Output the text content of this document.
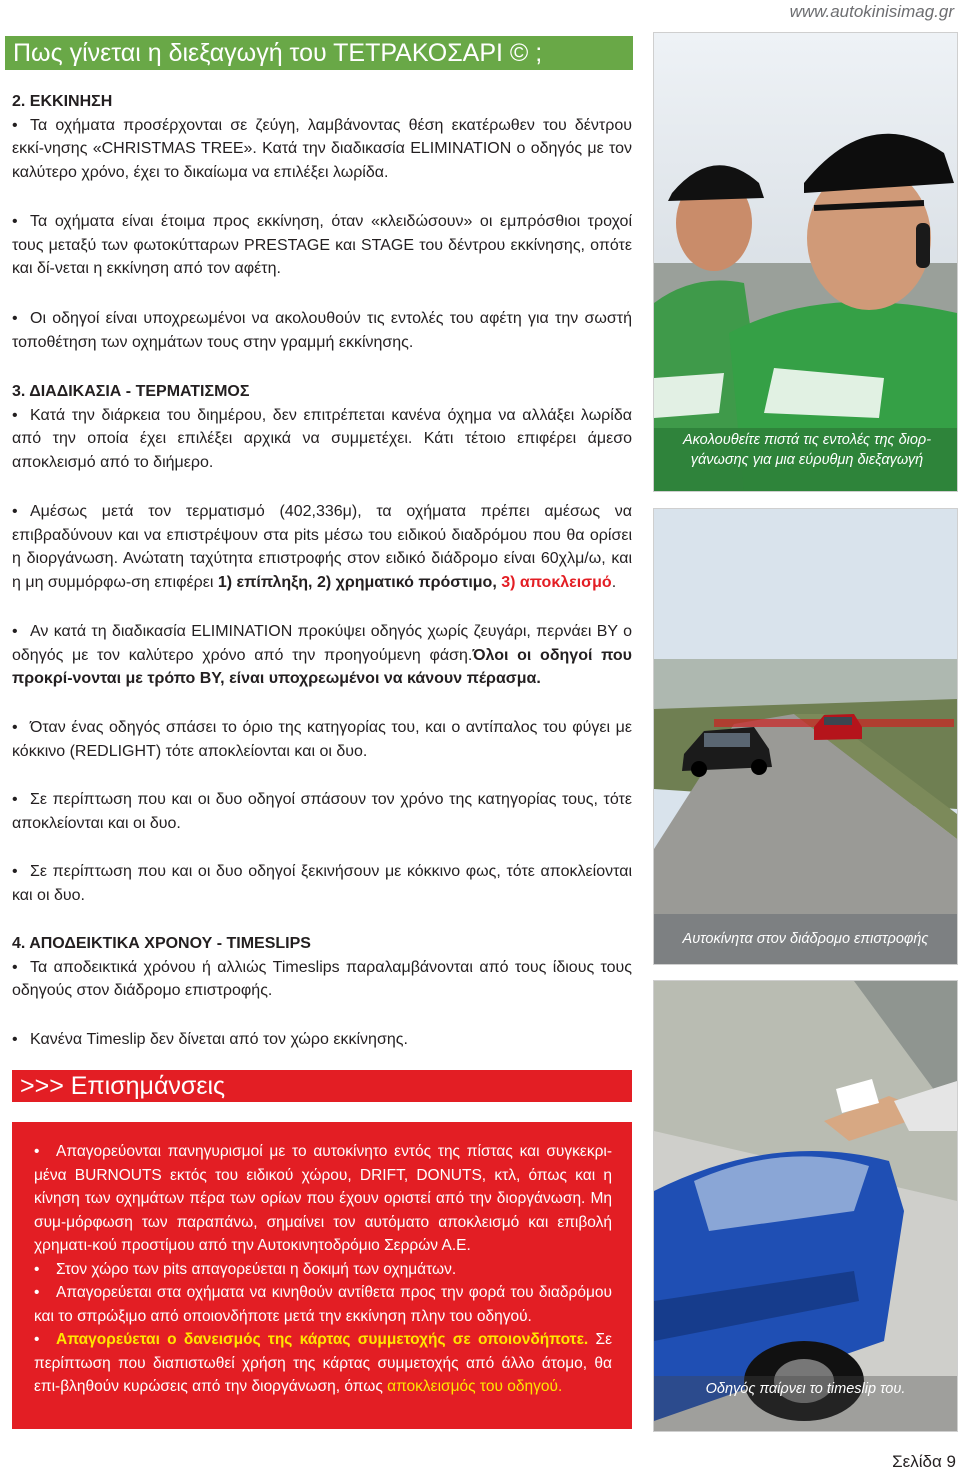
www.autokinisimag.gr
Πως γίνεται η διεξαγωγή του ΤΕΤΡΑΚΟΣΑΡΙ © ;
2. ΕΚΚΙΝΗΣΗ
• Τα οχήματα προσέρχονται σε ζεύγη, λαμβάνοντας θέση εκατέρωθεν του δέντρου εκκί-νησης «CHRISTMAS TREE». Κατά την διαδικασία ELIMINATION ο οδηγός με τον καλύτερο χρόνο, έχει το δικαίωμα να επιλέξει λωρίδα.
• Τα οχήματα είναι έτοιμα προς εκκίνηση, όταν «κλειδώσουν» οι εμπρόσθιοι τροχοί τους μεταξύ των φωτοκύτταρων PRESTAGE και STAGE του δέντρου εκκίνησης, οπότε και δί-νεται η εκκίνηση από τον αφέτη.
• Οι οδηγοί είναι υποχρεωμένοι να ακολουθούν τις εντολές του αφέτη για την σωστή τοποθέτηση των οχημάτων τους στην γραμμή εκκίνησης.
3. ΔΙΑΔΙΚΑΣΙΑ - ΤΕΡΜΑΤΙΣΜΟΣ
• Κατά την διάρκεια του διημέρου, δεν επιτρέπεται κανένα όχημα να αλλάξει λωρίδα από την οποία έχει επιλέξει αρχικά να συμμετέχει. Κάτι τέτοιο επιφέρει άμεσο αποκλεισμό από το διήμερο.
• Αμέσως μετά τον τερματισμό (402,336μ), τα οχήματα πρέπει αμέσως να επιβραδύνουν και να επιστρέψουν στα pits μέσω του ειδικού διαδρόμου που θα ορίσει η διοργάνωση. Ανώτατη ταχύτητα επιστροφής στον ειδικό διάδρομο είναι 60χλμ/ω, και η μη συμμόρφω-ση επιφέρει 1) επίπληξη, 2) χρηματικό πρόστιμο, 3) αποκλεισμό.
• Αν κατά τη διαδικασία ELIMINATION προκύψει οδηγός χωρίς ζευγάρι, περνάει BY ο οδηγός με τον καλύτερο χρόνο από την προηγούμενη φάση.Όλοι οι οδηγοί που προκρί-νονται με τρόπο BY, είναι υποχρεωμένοι να κάνουν πέρασμα.
• Όταν ένας οδηγός σπάσει το όριο της κατηγορίας του, και ο αντίπαλος του φύγει με κόκκινο (REDLIGHT) τότε αποκλείονται και οι δυο.
• Σε περίπτωση που και οι δυο οδηγοί σπάσουν τον χρόνο της κατηγορίας τους, τότε αποκλείονται και οι δυο.
• Σε περίπτωση που και οι δυο οδηγοί ξεκινήσουν με κόκκινο φως, τότε αποκλείονται και οι δυο.
4. ΑΠΟΔΕΙΚΤΙΚΑ ΧΡΟΝΟΥ - TIMESLIPS
• Τα αποδεικτικά χρόνου ή αλλιώς Timeslips παραλαμβάνονται από τους ίδιους τους οδηγούς στον διάδρομο επιστροφής.
• Κανένα Timeslip δεν δίνεται από τον χώρο εκκίνησης.
>>> Επισημάνσεις
• Απαγορεύονται πανηγυρισμοί με το αυτοκίνητο εντός της πίστας και συγκεκρι-μένα BURNOUTS εκτός του ειδικού χώρου, DRIFT, DONUTS, κτλ, όπως και η κίνηση των οχημάτων πέρα των ορίων που έχουν οριστεί από την διοργάνωση. Μη συμ-μόρφωση των παραπάνω, σημαίνει τον αυτόματο αποκλεισμό και επιβολή χρηματι-κού προστίμου από την Αυτοκινητοδρόμιο Σερρών Α.Ε.
• Στον χώρο των pits απαγορεύεται η δοκιμή των οχημάτων.
• Απαγορεύεται στα οχήματα να κινηθούν αντίθετα προς την φορά του διαδρόμου και το σπρώξιμο από οποιονδήποτε μετά την εκκίνηση πλην του οδηγού.
• Απαγορεύεται ο δανεισμός της κάρτας συμμετοχής σε οποιονδήποτε. Σε περίπτωση που διαπιστωθεί χρήση της κάρτας συμμετοχής από άλλο άτομο, θα επι-βληθούν κυρώσεις από την διοργάνωση, όπως αποκλεισμός του οδηγού.
Ακολουθείτε πιστά τις εντολές της διορ-γάνωσης για μια εύρυθμη διεξαγωγή
Αυτοκίνητα στον διάδρομο επιστροφής
Οδηγός παίρνει το timeslip του.
Σελίδα 9
